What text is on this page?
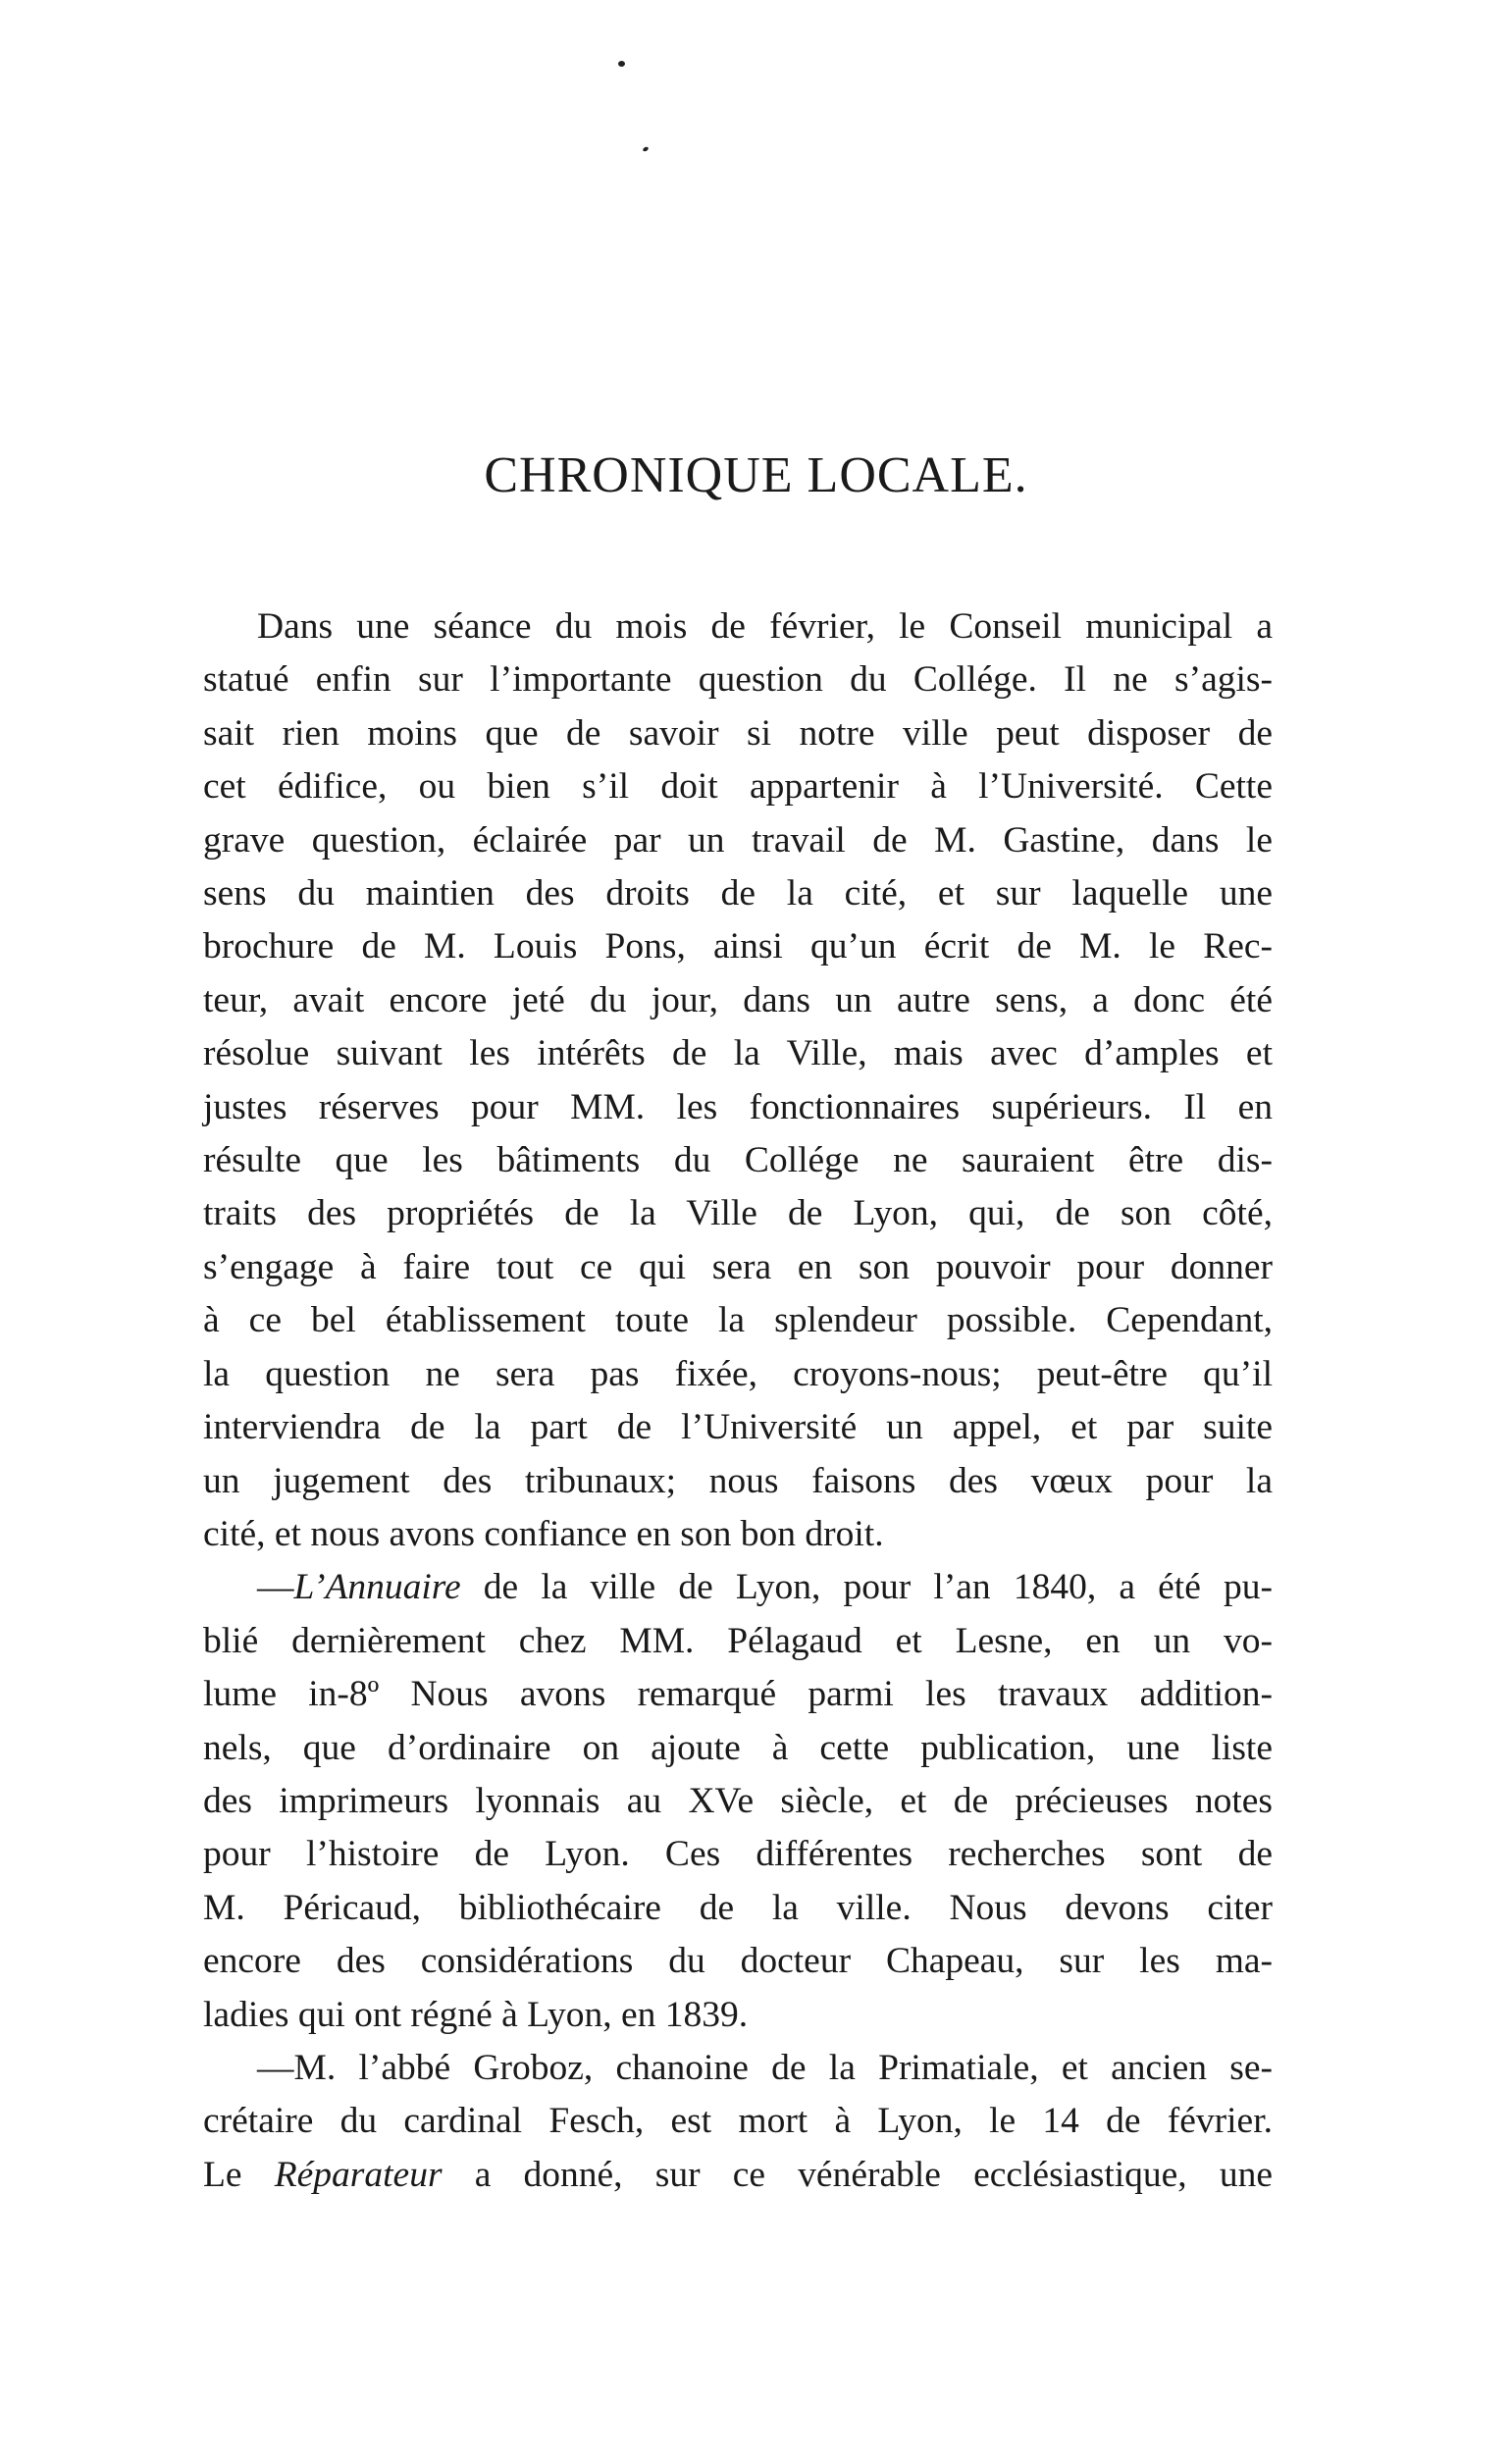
CHRONIQUE LOCALE.
Dans une séance du mois de février, le Conseil municipal a
statué enfin sur l’importante question du Collége. Il ne s’agis-
sait rien moins que de savoir si notre ville peut disposer de
cet édifice, ou bien s’il doit appartenir à l’Université. Cette
grave question, éclairée par un travail de M. Gastine, dans le
sens du maintien des droits de la cité, et sur laquelle une
brochure de M. Louis Pons, ainsi qu’un écrit de M. le Rec-
teur, avait encore jeté du jour, dans un autre sens, a donc été
résolue suivant les intérêts de la Ville, mais avec d’amples et
justes réserves pour MM. les fonctionnaires supérieurs. Il en
résulte que les bâtiments du Collége ne sauraient être dis-
traits des propriétés de la Ville de Lyon, qui, de son côté,
s’engage à faire tout ce qui sera en son pouvoir pour donner
à ce bel établissement toute la splendeur possible. Cependant,
la question ne sera pas fixée, croyons-nous; peut-être qu’il
interviendra de la part de l’Université un appel, et par suite
un jugement des tribunaux; nous faisons des vœux pour la
cité, et nous avons confiance en son bon droit.
—L’Annuaire de la ville de Lyon, pour l’an 1840, a été pu-
blié dernièrement chez MM. Pélagaud et Lesne, en un vo-
lume in-8º Nous avons remarqué parmi les travaux addition-
nels, que d’ordinaire on ajoute à cette publication, une liste
des imprimeurs lyonnais au XVe siècle, et de précieuses notes
pour l’histoire de Lyon. Ces différentes recherches sont de
M. Péricaud, bibliothécaire de la ville. Nous devons citer
encore des considérations du docteur Chapeau, sur les ma-
ladies qui ont régné à Lyon, en 1839.
—M. l’abbé Groboz, chanoine de la Primatiale, et ancien se-
crétaire du cardinal Fesch, est mort à Lyon, le 14 de février.
Le Réparateur a donné, sur ce vénérable ecclésiastique, une
